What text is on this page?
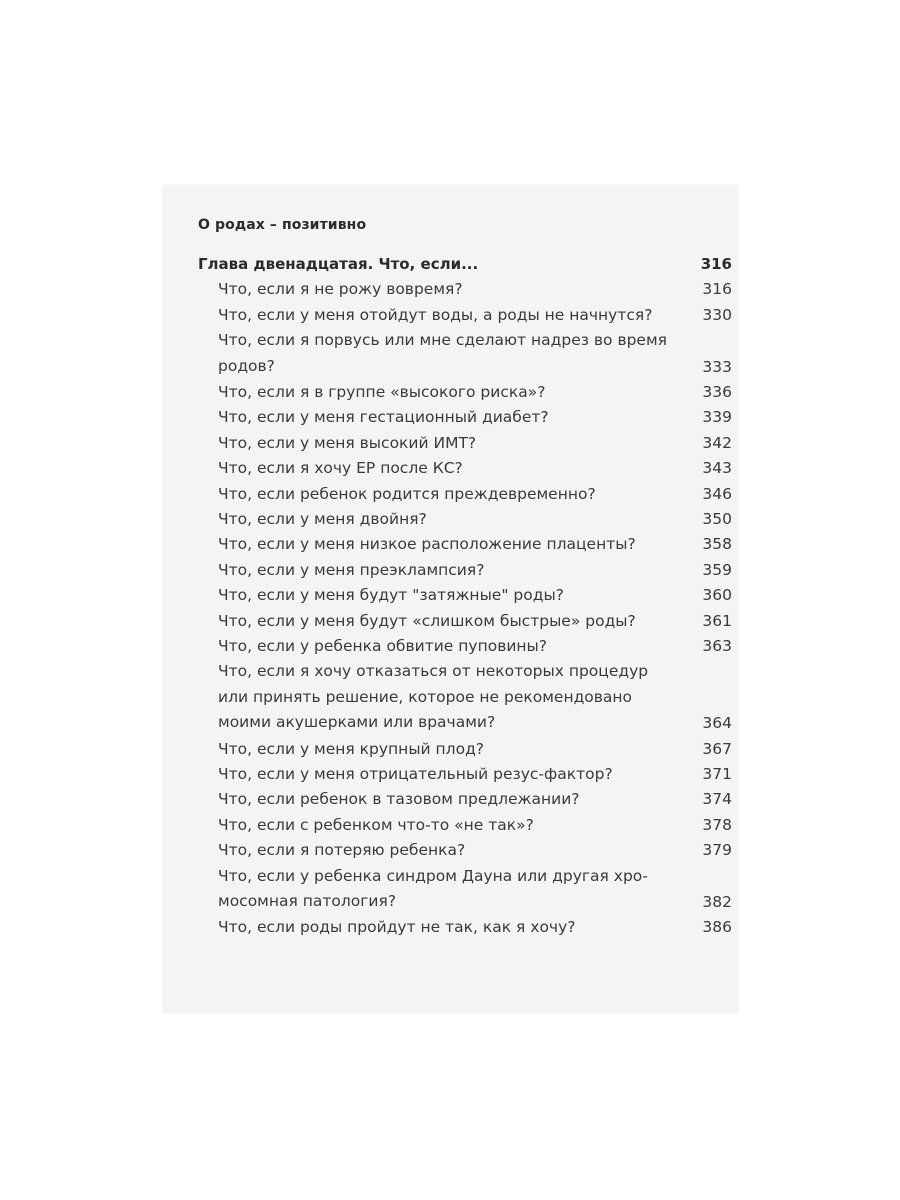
О родах – позитивно
Глава двенадцатая. Что, если...	316
Что, если я не рожу вовремя?	316
Что, если у меня отойдут воды, а роды не начнутся?	330
Что, если я порвусь или мне сделают надрез во время
родов?	333
Что, если я в группе «высокого риска»?	336
Что, если у меня гестационный диабет?	339
Что, если у меня высокий ИМТ?	342
Что, если я хочу ЕР после КС?	343
Что, если ребенок родится преждевременно?	346
Что, если у меня двойня?	350
Что, если у меня низкое расположение плаценты?	358
Что, если у меня преэклампсия?	359
Что, если у меня будут "затяжные" роды?	360
Что, если у меня будут «слишком быстрые» роды?	361
Что, если у ребенка обвитие пуповины?	363
Что, если я хочу отказаться от некоторых процедур
или принять решение, которое не рекомендовано
моими акушерками или врачами?	364
Что, если у меня крупный плод?	367
Что, если у меня отрицательный резус-фактор?	371
Что, если ребенок в тазовом предлежании?	374
Что, если с ребенком что-то «не так»?	378
Что, если я потеряю ребенка?	379
Что, если у ребенка синдром Дауна или другая хро-
мосомная патология?	382
Что, если роды пройдут не так, как я хочу?	386
